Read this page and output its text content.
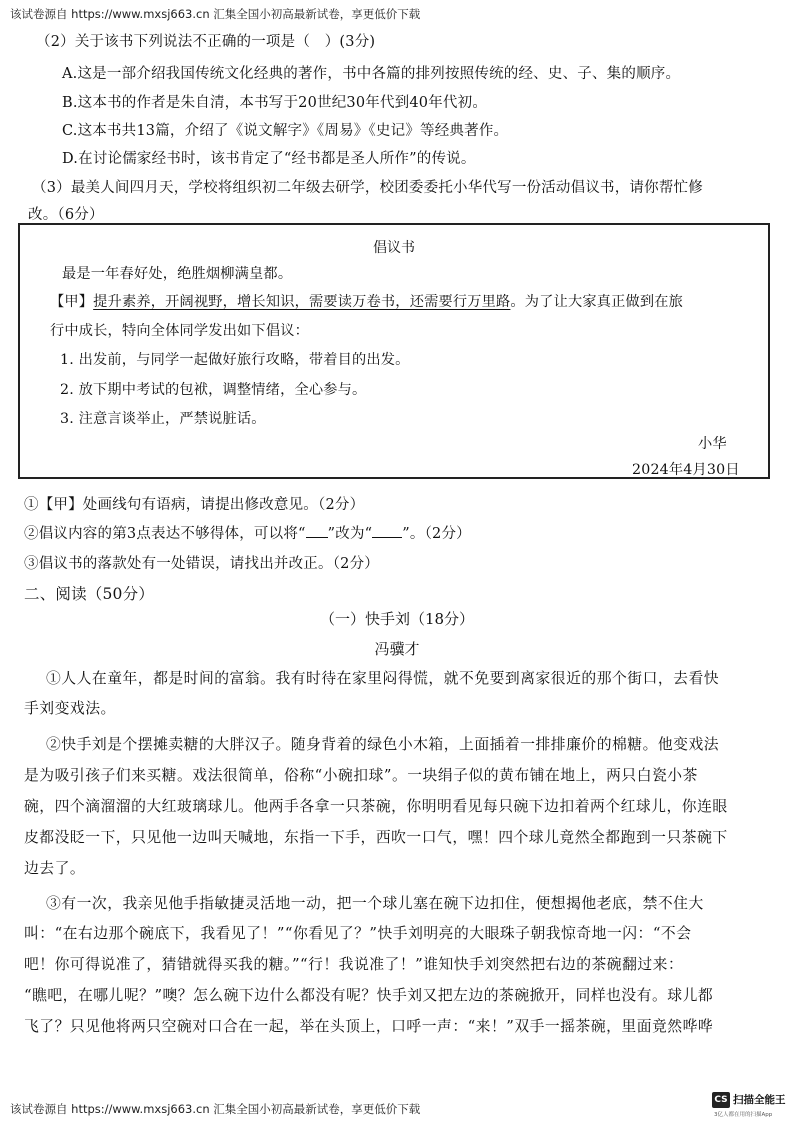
该试卷源自 https://www.mxsj663.cn 汇集全国小初高最新试卷，享更低价下载
（2）关于该书下列说法不正确的一项是（　）(3分)
A.这是一部介绍我国传统文化经典的著作，书中各篇的排列按照传统的经、史、子、集的顺序。
B.这本书的作者是朱自清，本书写于20世纪30年代到40年代初。
C.这本书共13篇，介绍了《说文解字》《周易》《史记》等经典著作。
D.在讨论儒家经书时，该书肯定了“经书都是圣人所作”的传说。
（3）最美人间四月天，学校将组织初二年级去研学，校团委委托小华代写一份活动倡议书，请你帮忙修
改。（6分）
倡议书
最是一年春好处，绝胜烟柳满皇都。
【甲】提升素养，开阔视野，增长知识，需要读万卷书，还需要行万里路。为了让大家真正做到在旅
行中成长，特向全体同学发出如下倡议：
1. 出发前，与同学一起做好旅行攻略，带着目的出发。
2. 放下期中考试的包袱，调整情绪，全心参与。
3. 注意言谈举止，严禁说脏话。
小华
2024年4月30日
①【甲】处画线句有语病，请提出修改意见。（2分）
②倡议内容的第3点表达不够得体，可以将“ ”改为“ ”。（2分）
③倡议书的落款处有一处错误，请找出并改正。（2分）
二、阅读（50分）
（一）快手刘（18分）
冯骥才
①人人在童年，都是时间的富翁。我有时待在家里闷得慌，就不免要到离家很近的那个街口，去看快
手刘变戏法。
②快手刘是个摆摊卖糖的大胖汉子。随身背着的绿色小木箱，上面插着一排排廉价的棉糖。他变戏法
是为吸引孩子们来买糖。戏法很简单，俗称“小碗扣球”。一块绢子似的黄布铺在地上，两只白瓷小茶
碗，四个滴溜溜的大红玻璃球儿。他两手各拿一只茶碗，你明明看见每只碗下边扣着两个红球儿，你连眼
皮都没眨一下，只见他一边叫天喊地，东指一下手，西吹一口气，嘿！四个球儿竟然全都跑到一只茶碗下
边去了。
③有一次，我亲见他手指敏捷灵活地一动，把一个球儿塞在碗下边扣住，便想揭他老底，禁不住大
叫：“在右边那个碗底下，我看见了！”“你看见了？”快手刘明亮的大眼珠子朝我惊奇地一闪：“不会
吧！你可得说准了，猜错就得买我的糖。”“行！我说准了！”谁知快手刘突然把右边的茶碗翻过来：
“瞧吧，在哪儿呢？”噢？怎么碗下边什么都没有呢？快手刘又把左边的茶碗掀开，同样也没有。球儿都
飞了？只见他将两只空碗对口合在一起，举在头顶上，口呼一声：“来！”双手一摇茶碗，里面竟然哗哗
该试卷源自 https://www.mxsj663.cn 汇集全国小初高最新试卷，享更低价下载
CS 扫描全能王
3亿人都在用的扫描App
